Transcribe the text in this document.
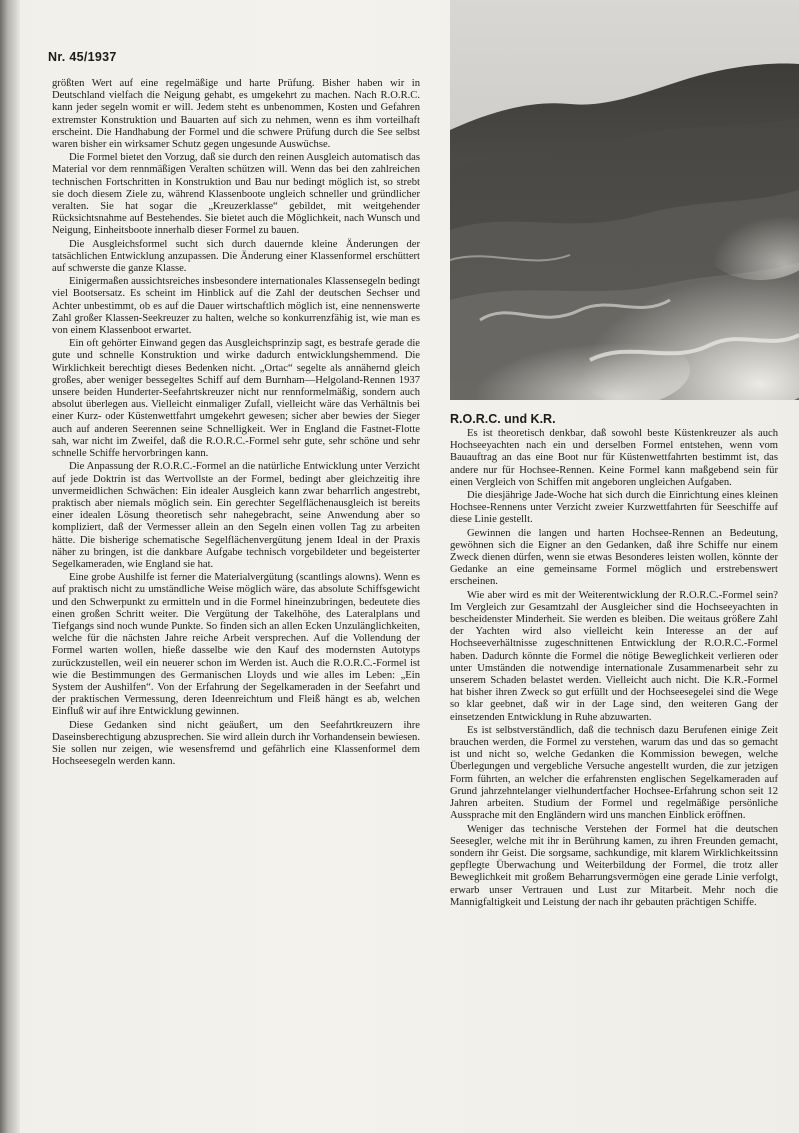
Nr. 45/1937

größten Wert auf eine regelmäßige und harte Prüfung. Bisher haben wir in Deutschland vielfach die Neigung gehabt, es umgekehrt zu machen. Nach R.O.R.C. kann jeder segeln womit er will. Jedem steht es unbenommen, Kosten und Gefahren extremster Konstruktion und Bauarten auf sich zu nehmen, wenn es ihm vorteilhaft erscheint. Die Handhabung der Formel und die schwere Prüfung durch die See selbst waren bisher ein wirksamer Schutz gegen ungesunde Auswüchse.

Die Formel bietet den Vorzug, daß sie durch den reinen Ausgleich automatisch das Material vor dem rennmäßigen Veralten schützen will. Wenn das bei den zahlreichen technischen Fortschritten in Konstruktion und Bau nur bedingt möglich ist, so strebt sie doch diesem Ziele zu, während Klassenboote ungleich schneller und gründlicher veralten. Sie hat sogar die „Kreuzerklasse“ gebildet, mit weitgehender Rücksichtsnahme auf Bestehendes. Sie bietet auch die Möglichkeit, nach Wunsch und Neigung, Einheitsboote innerhalb dieser Formel zu bauen.

Die Ausgleichsformel sucht sich durch dauernde kleine Änderungen der tatsächlichen Entwicklung anzupassen. Die Änderung einer Klassenformel erschüttert auf schwerste die ganze Klasse.

Einigermaßen aussichtsreiches insbesondere internationales Klassensegeln bedingt viel Bootsersatz. Es scheint im Hinblick auf die Zahl der deutschen Sechser und Achter unbestimmt, ob es auf die Dauer wirtschaftlich möglich ist, eine nennenswerte Zahl großer Klassen-Seekreuzer zu halten, welche so konkurrenzfähig ist, wie man es von einem Klassenboot erwartet.

Ein oft gehörter Einwand gegen das Ausgleichsprinzip sagt, es bestrafe gerade die gute und schnelle Konstruktion und wirke dadurch entwicklungshemmend. Die Wirklichkeit berechtigt dieses Bedenken nicht. „Ortac“ segelte als annähernd gleich großes, aber weniger bessegeltes Schiff auf dem Burnham—Helgoland-Rennen 1937 unsere beiden Hunderter-Seefahrtskreuzer nicht nur rennformelmäßig, sondern auch absolut überlegen aus. Vielleicht einmaliger Zufall, vielleicht wäre das Verhältnis bei einer Kurz- oder Küstenwettfahrt umgekehrt gewesen; sicher aber bewies der Sieger auch auf anderen Seerennen seine Schnelligkeit. Wer in England die Fastnet-Flotte sah, war nicht im Zweifel, daß die R.O.R.C.-Formel sehr gute, sehr schöne und sehr schnelle Schiffe hervorbringen kann.

Die Anpassung der R.O.R.C.-Formel an die natürliche Entwicklung unter Verzicht auf jede Doktrin ist das Wertvollste an der Formel, bedingt aber gleichzeitig ihre unvermeidlichen Schwächen: Ein idealer Ausgleich kann zwar beharrlich angestrebt, praktisch aber niemals möglich sein. Ein gerechter Segelflächenausgleich ist bereits einer idealen Lösung theoretisch sehr nahegebracht, seine Anwendung aber so kompliziert, daß der Vermesser allein an den Segeln einen vollen Tag zu arbeiten hätte. Die bisherige schematische Segelflächenvergütung jenem Ideal in der Praxis näher zu bringen, ist die dankbare Aufgabe technisch vorgebildeter und begeisterter Segelkameraden, wie England sie hat.

Eine grobe Aushilfe ist ferner die Materialvergütung (scantlings alowns). Wenn es auf praktisch nicht zu umständliche Weise möglich wäre, das absolute Schiffsgewicht und den Schwerpunkt zu ermitteln und in die Formel hineinzubringen, bedeutete dies einen großen Schritt weiter. Die Vergütung der Takelhöhe, des Lateralplans und Tiefgangs sind noch wunde Punkte. So finden sich an allen Ecken Unzulänglichkeiten, welche für die nächsten Jahre reiche Arbeit versprechen. Auf die Vollendung der Formel warten wollen, hieße dasselbe wie den Kauf des modernsten Autotyps zurückzustellen, weil ein neuerer schon im Werden ist. Auch die R.O.R.C.-Formel ist wie die Bestimmungen des Germanischen Lloyds und wie alles im Leben: „Ein System der Aushilfen“. Von der Erfahrung der Segelkameraden in der Seefahrt und der praktischen Vermessung, deren Ideenreichtum und Fleiß hängt es ab, welchen Einfluß wir auf ihre Entwicklung gewinnen.

Diese Gedanken sind nicht geäußert, um den Seefahrtkreuzern ihre Daseinsberechtigung abzusprechen. Sie wird allein durch ihr Vorhandensein bewiesen. Sie sollen nur zeigen, wie wesensfremd und gefährlich eine Klassenformel dem Hochseesegeln werden kann.

R.O.R.C. und K.R.

Es ist theoretisch denkbar, daß sowohl beste Küstenkreuzer als auch Hochseeyachten nach ein und derselben Formel entstehen, wenn vom Bauauftrag an das eine Boot nur für Küstenwettfahrten bestimmt ist, das andere nur für Hochsee-Rennen. Keine Formel kann maßgebend sein für einen Vergleich von Schiffen mit angeboren ungleichen Aufgaben.

Die diesjährige Jade-Woche hat sich durch die Einrichtung eines kleinen Hochsee-Rennens unter Verzicht zweier Kurzwettfahrten für Seeschiffe auf diese Linie gestellt.

Gewinnen die langen und harten Hochsee-Rennen an Bedeutung, gewöhnen sich die Eigner an den Gedanken, daß ihre Schiffe nur einem Zweck dienen dürfen, wenn sie etwas Besonderes leisten wollen, könnte der Gedanke an eine gemeinsame Formel möglich und erstrebenswert erscheinen.

Wie aber wird es mit der Weiterentwicklung der R.O.R.C.-Formel sein? Im Vergleich zur Gesamtzahl der Ausgleicher sind die Hochseeyachten in bescheidenster Minderheit. Sie werden es bleiben. Die weitaus größere Zahl der Yachten wird also vielleicht kein Interesse an der auf Hochseeverhältnisse zugeschnittenen Entwicklung der R.O.R.C.-Formel haben. Dadurch könnte die Formel die nötige Beweglichkeit verlieren oder unter Umständen die notwendige internationale Zusammenarbeit sehr zu unserem Schaden belastet werden. Vielleicht auch nicht. Die K.R.-Formel hat bisher ihren Zweck so gut erfüllt und der Hochseesegelei sind die Wege so klar geebnet, daß wir in der Lage sind, den weiteren Gang der einsetzenden Entwicklung in Ruhe abzuwarten.

Es ist selbstverständlich, daß die technisch dazu Berufenen einige Zeit brauchen werden, die Formel zu verstehen, warum das und das so gemacht ist und nicht so, welche Gedanken die Kommission bewegen, welche Überlegungen und vergebliche Versuche angestellt wurden, die zur jetzigen Form führten, an welcher die erfahrensten englischen Segelkameraden auf Grund jahrzehntelanger vielhundertfacher Hochsee-Erfahrung schon seit 12 Jahren arbeiten. Studium der Formel und regelmäßige persönliche Aussprache mit den Engländern wird uns manchen Einblick eröffnen.

Weniger das technische Verstehen der Formel hat die deutschen Seesegler, welche mit ihr in Berührung kamen, zu ihren Freunden gemacht, sondern ihr Geist. Die sorgsame, sachkundige, mit klarem Wirklichkeitssinn gepflegte Überwachung und Weiterbildung der Formel, die trotz aller Beweglichkeit mit großem Beharrungsvermögen eine gerade Linie verfolgt, erwarb unser Vertrauen und Lust zur Mitarbeit. Mehr noch die Mannigfaltigkeit und Leistung der nach ihr gebauten prächtigen Schiffe.
